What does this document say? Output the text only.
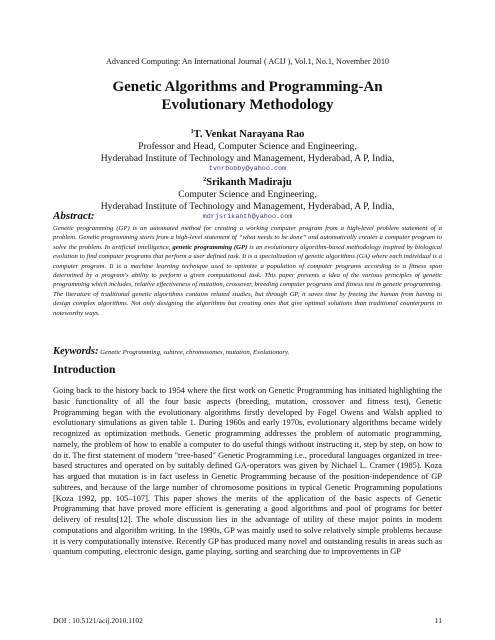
Advanced Computing: An International Journal ( ACIJ ), Vol.1, No.1, November 2010
Genetic Algorithms and Programming-An Evolutionary Methodology
$^1$T. Venkat Narayana Rao
Professor and Head, Computer Science and Engineering,
Hyderabad Institute of Technology and Management, Hyderabad, A P, India,
tvnrbobby@yahoo.com
$^2$Srikanth Madiraju
Computer Science and Engineering,
Hyderabad Institute of Technology and Management, Hyderabad, A P, India,
mdrjsrikanth@yahoo.com
Abstract:

Genetic programming (GP) is an automated method for creating a working computer program from a high-level problem statement of a problem. Genetic programming starts from a high-level statement of “what needs to be done” and automatically creates a computer program to solve the problem. In artificial intelligence, genetic programming (GP) is an evolutionary algorithm-based methodology inspired by biological evolution to find computer programs that perform a user defined task. It is a specialization of genetic algorithms (GA) where each individual is a computer program. It is a machine learning technique used to optimize a population of computer programs according to a fitness span determined by a program's ability to perform a given computational task. This paper presents a idea of the various principles of genetic programming which includes, relative effectiveness of mutation, crossover, breeding computer programs and fitness test in genetic programming. The literature of traditional genetic algorithms contains related studies, but through GP, it saves time by freeing the human from having to design complex algorithms. Not only designing the algorithms but creating ones that give optimal solutions than traditional counterparts in noteworthy ways.

Keywords: Genetic Programming, subtree, chromosomes, mutation, Evolutionary.

Introduction

Going back to the history back to 1954 where the first work on Genetic Programming has initiated highlighting the basic functionality of all the four basic aspects (breeding, mutation, crossover and fitness test), Genetic Programming began with the evolutionary algorithms firstly developed by Fogel Owens and Walsh applied to evolutionary simulations as given table 1. During 1960s and early 1970s, evolutionary algorithms became widely recognized as optimization methods. Genetic programming addresses the problem of automatic programming, namely, the problem of how to enable a computer to do useful things without instructing it, step by step, on how to do it. The first statement of modern "tree-based" Genetic Programming i.e., procedural languages organized in tree-based structures and operated on by suitably defined GA-operators was given by Nichael L. Cramer (1985). Koza has argued that mutation is in fact useless in Genetic Programming because of the position-independence of GP subtrees, and because of the large number of chromosome positions in typical Genetic Programming populations [Koza 1992, pp. 105–107]. This paper shows the merits of the application of the basic aspects of Genetic Programming that have proved more efficient is generating a good algorithms and pool of programs for better delivery of results[12]. The whole discussion lies in the advantage of utility of these major points in modern computations and algorithm writing. In the 1990s, GP was mainly used to solve relatively simple problems because it is very computationally intensive. Recently GP has produced many novel and outstanding results in areas such as quantum computing, electronic design, game playing, sorting and searching due to improvements in GP

DOI : 10.5121/acij.2010.1102	11
